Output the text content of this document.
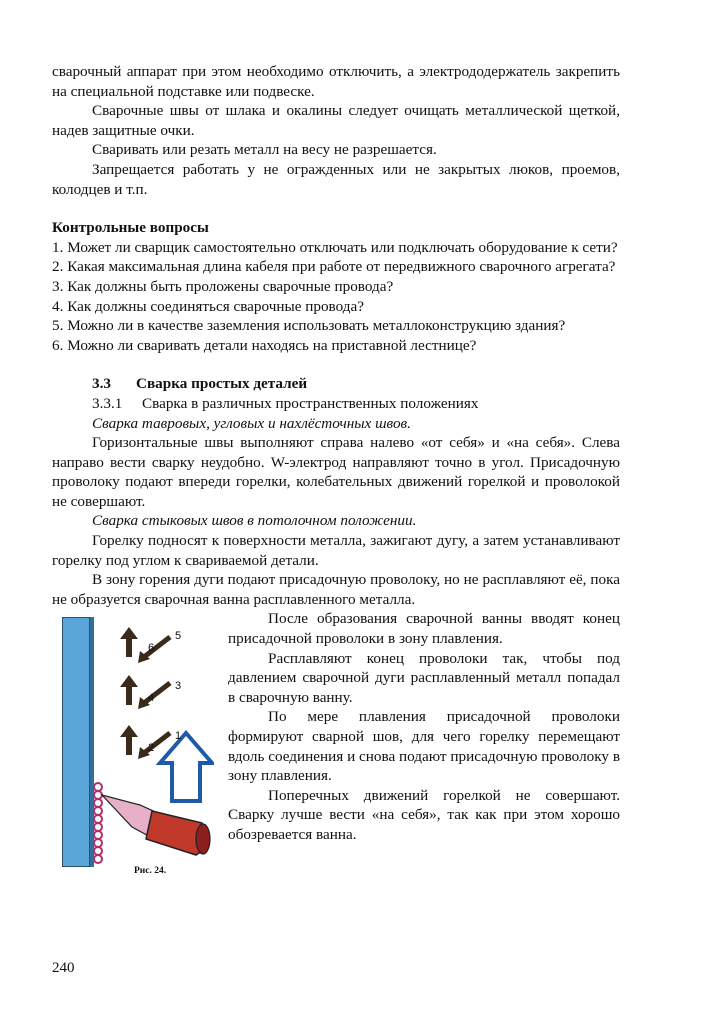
сварочный аппарат при этом необходимо отключить, а электрододержатель закрепить на специальной подставке или подвеске.

Сварочные швы от шлака и окалины следует очищать металлической щеткой, надев защитные очки.

Сваривать или резать металл на весу не разрешается.

Запрещается работать у не огражденных или не закрытых люков, проемов, колодцев и т.п.

Контрольные вопросы

1. Может ли сварщик самостоятельно отключать или подключать оборудование к сети?

2. Какая максимальная длина кабеля при работе от передвижного сварочного агрегата?

3. Как должны быть проложены сварочные провода?

4. Как должны соединяться сварочные провода?

5. Можно ли в качестве заземления использовать металлоконструкцию здания?

6. Можно ли сваривать детали находясь на приставной лестнице?

3.3 Сварка простых деталей

3.3.1 Сварка в различных пространственных положениях

Сварка тавровых, угловых и нахлёсточных швов.

Горизонтальные швы выполняют справа налево «от себя» и «на себя». Слева направо вести сварку неудобно. W-электрод направляют точно в угол. Присадочную проволоку подают впереди горелки, колебательных движений горелкой и проволокой не совершают.

Сварка стыковых швов в потолочном положении.

Горелку подносят к поверхности металла, зажигают дугу, а затем устанавливают горелку под углом к свариваемой детали.

В зону горения дуги подают присадочную проволоку, но не расплавляют её, пока не образуется сварочная ванна расплавленного металла.

1
2
3
4
5
6
Рис. 24.

После образования сварочной ванны вводят конец присадочной проволоки в зону плавления.

Расплавляют конец проволоки так, чтобы под давлением сварочной дуги расплавленный металл попадал в сварочную ванну.

По мере плавления присадочной проволоки формируют сварной шов, для чего горелку перемещают вдоль соединения и снова подают присадочную проволоку в зону плавления.

Поперечных движений горелкой не совершают. Сварку лучше вести «на себя», так как при этом хорошо обозревается ванна.

240
